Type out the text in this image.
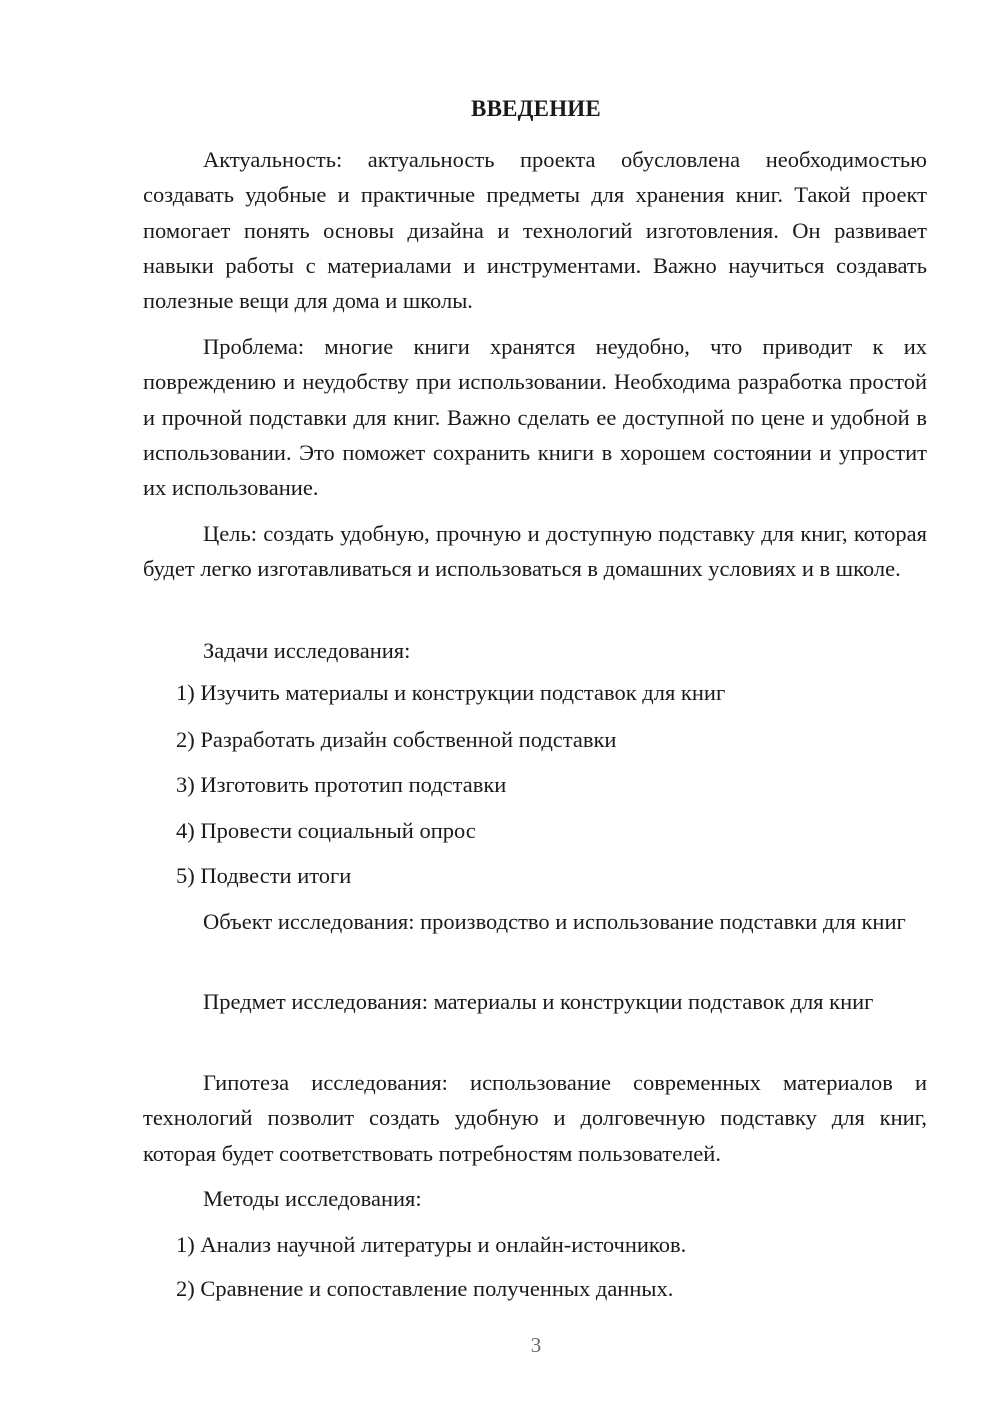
ВВЕДЕНИЕ

Актуальность: актуальность проекта обусловлена необходимостью создавать удобные и практичные предметы для хранения книг. Такой проект помогает понять основы дизайна и технологий изготовления. Он развивает навыки работы с материалами и инструментами. Важно научиться создавать полезные вещи для дома и школы.

Проблема: многие книги хранятся неудобно, что приводит к их повреждению и неудобству при использовании. Необходима разработка простой и прочной подставки для книг. Важно сделать ее доступной по цене и удобной в использовании. Это поможет сохранить книги в хорошем состоянии и упростит их использование.

Цель: создать удобную, прочную и доступную подставку для книг, которая будет легко изготавливаться и использоваться в домашних условиях и в школе.

Задачи исследования:

1) Изучить материалы и конструкции подставок для книг

2) Разработать дизайн собственной подставки

3) Изготовить прототип подставки

4) Провести социальный опрос

5) Подвести итоги

Объект исследования: производство и использование подставки для книг

Предмет исследования: материалы и конструкции подставок для книг

Гипотеза исследования: использование современных материалов и технологий позволит создать удобную и долговечную подставку для книг, которая будет соответствовать потребностям пользователей.

Методы исследования:

1) Анализ научной литературы и онлайн-источников.

2) Сравнение и сопоставление полученных данных.

3
